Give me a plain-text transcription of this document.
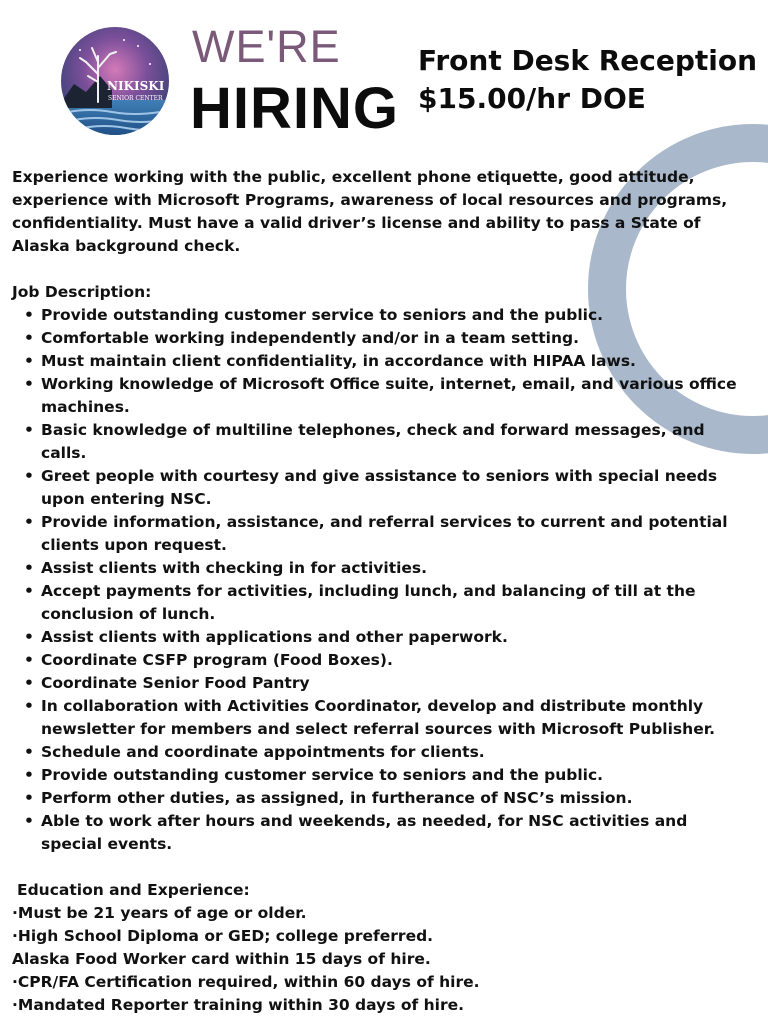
NIKISKI
SENIOR CENTER
WE'RE
HIRING
Front Desk Reception
$15.00/hr DOE

Experience working with the public, excellent phone etiquette, good attitude, experience with Microsoft Programs, awareness of local resources and programs, confidentiality. Must have a valid driver’s license and ability to pass a State of Alaska background check.

Job Description:

• Provide outstanding customer service to seniors and the public.
• Comfortable working independently and/or in a team setting.
• Must maintain client confidentiality, in accordance with HIPAA laws.
• Working knowledge of Microsoft Office suite, internet, email, and various office machines.
• Basic knowledge of multiline telephones, check and forward messages, and calls.
• Greet people with courtesy and give assistance to seniors with special needs upon entering NSC.
• Provide information, assistance, and referral services to current and potential clients upon request.
• Assist clients with checking in for activities.
• Accept payments for activities, including lunch, and balancing of till at the conclusion of lunch.
• Assist clients with applications and other paperwork.
• Coordinate CSFP program (Food Boxes).
• Coordinate Senior Food Pantry
• In collaboration with Activities Coordinator, develop and distribute monthly newsletter for members and select referral sources with Microsoft Publisher.
• Schedule and coordinate appointments for clients.
• Provide outstanding customer service to seniors and the public.
• Perform other duties, as assigned, in furtherance of NSC’s mission.
• Able to work after hours and weekends, as needed, for NSC activities and special events.

Education and Experience:

·Must be 21 years of age or older.

·High School Diploma or GED; college preferred.

Alaska Food Worker card within 15 days of hire.

·CPR/FA Certification required, within 60 days of hire.

·Mandated Reporter training within 30 days of hire.
